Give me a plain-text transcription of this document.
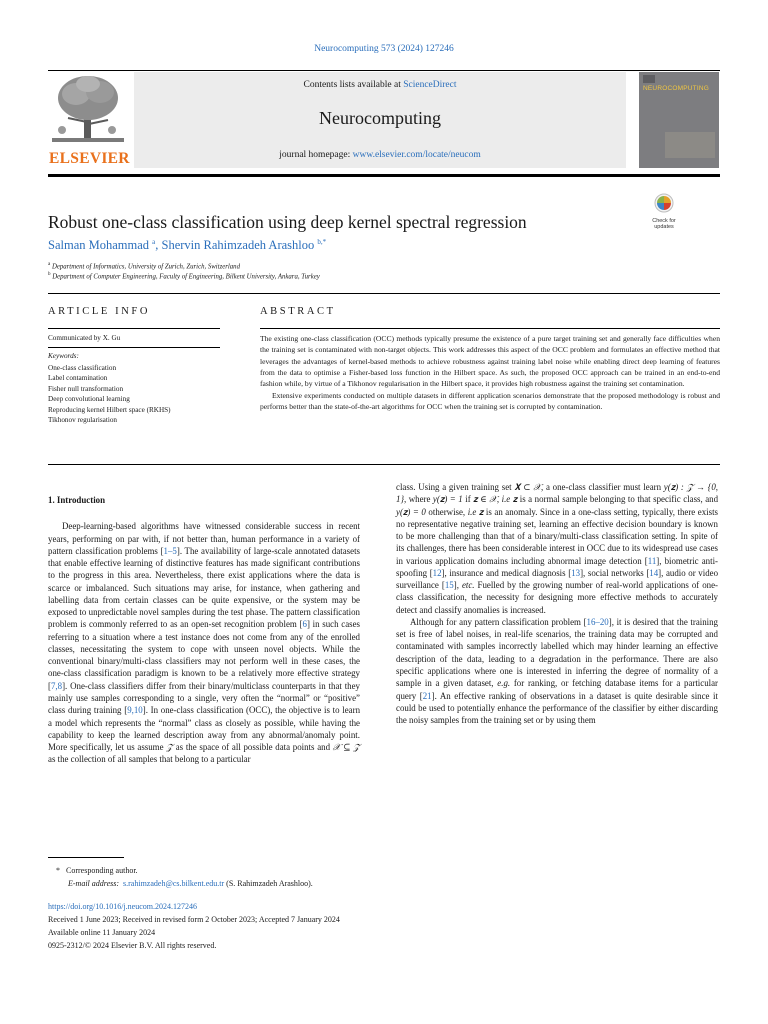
Neurocomputing 573 (2024) 127246
ELSEVIER
Contents lists available at ScienceDirect
Neurocomputing
journal homepage: www.elsevier.com/locate/neucom
NEUROCOMPUTING
Robust one-class classification using deep kernel spectral regression	Check for
updates
Salman Mohammad $^a$, Shervin Rahimzadeh Arashloo $^{b,*}$
$^a$ Department of Informatics, University of Zurich, Zurich, Switzerland
$^b$ Department of Computer Engineering, Faculty of Engineering, Bilkent University, Ankara, Turkey
ARTICLE INFO
Communicated by X. Gu
Keywords:
One-class classification
Label contamination
Fisher null transformation
Deep convolutional learning
Reproducing kernel Hilbert space (RKHS)
Tikhonov regularisation
ABSTRACT

The existing one-class classification (OCC) methods typically presume the existence of a pure target training set and generally face difficulties when the training set is contaminated with non-target objects. This work addresses this aspect of the OCC problem and formulates an effective method that leverages the advantages of kernel-based methods to achieve robustness against training label noise while enabling direct deep learning of features from the data to optimise a Fisher-based loss function in the Hilbert space. As such, the proposed OCC approach can be trained in an end-to-end fashion while, by virtue of a Tikhonov regularisation in the Hilbert space, it provides high robustness against the training set contamination.

Extensive experiments conducted on multiple datasets in different application scenarios demonstrate that the proposed methodology is robust and performs better than the state-of-the-art algorithms for OCC when the training set is corrupted by contamination.

1. Introduction

Deep-learning-based algorithms have witnessed considerable success in recent years, performing on par with, if not better than, human performance in a variety of pattern classification problems [1–5]. The availability of large-scale annotated datasets that enable effective learning of distinctive features has made significant contributions to the progress in this area. Nevertheless, there exist applications where the data is scarce or imbalanced. Such situations may arise, for instance, when gathering and labelling data from certain classes can be quite expensive, or the system may be exposed to unpredictable novel samples during the test phase. The pattern classification problem is commonly referred to as an open-set recognition problem [6] in such cases referring to a situation where a test instance does not come from any of the enrolled classes, necessitating the system to cope with unseen novel objects. While the conventional binary/multi-class classifiers may not perform well in these cases, the one-class classification paradigm is known to be a relatively more effective strategy [7,8]. One-class classifiers differ from their binary/multiclass counterparts in that they mainly use samples corresponding to a single, very often the “normal” or “positive” class during training [9,10]. In one-class classification (OCC), the objective is to learn a model which represents the “normal” class as closely as possible, while having the capability to keep the learned description away from any abnormal/anomaly point. More specifically, let us assume 𝒵 as the space of all possible data points and 𝒳 ⊆ 𝒵 as the collection of all samples that belong to a particular

class. Using a given training set 𝐗 ⊂ 𝒳, a one-class classifier must learn y(𝐳) : 𝒵 → {0, 1}, where y(𝐳) = 1 if 𝐳 ∈ 𝒳, i.e 𝐳 is a normal sample belonging to that specific class, and y(𝐳) = 0 otherwise, i.e 𝐳 is an anomaly. Since in a one-class setting, typically, there exists no representative negative training set, learning an effective decision boundary is known to be more challenging than that of a binary/multi-class classification setting. In spite of its challenges, there has been considerable interest in OCC due to its widespread use cases in various application domains including abnormal image detection [11], biometric anti-spoofing [12], insurance and medical diagnosis [13], social networks [14], audio or video surveillance [15], etc. Fuelled by the growing number of real-world applications of one-class classification, the necessity for designing more effective methods to accurately detect and classify anomalies is increased.

Although for any pattern classification problem [16–20], it is desired that the training set is free of label noises, in real-life scenarios, the training data may be corrupted and contaminated with samples incorrectly labelled which may hinder learning an effective description of the data, leading to a degradation in the performance. There are also specific applications where one is interested in inferring the degree of normality of a sample in a given dataset, e.g. for ranking, or fetching database items for a particular query [21]. An effective ranking of observations in a dataset is quite desirable since it could be used to potentially enhance the performance of the classifier by either discarding the noisy samples from the training set or by using them

* Corresponding author.
E-mail address: s.rahimzadeh@cs.bilkent.edu.tr (S. Rahimzadeh Arashloo).
https://doi.org/10.1016/j.neucom.2024.127246
Received 1 June 2023; Received in revised form 2 October 2023; Accepted 7 January 2024
Available online 11 January 2024
0925-2312/© 2024 Elsevier B.V. All rights reserved.
